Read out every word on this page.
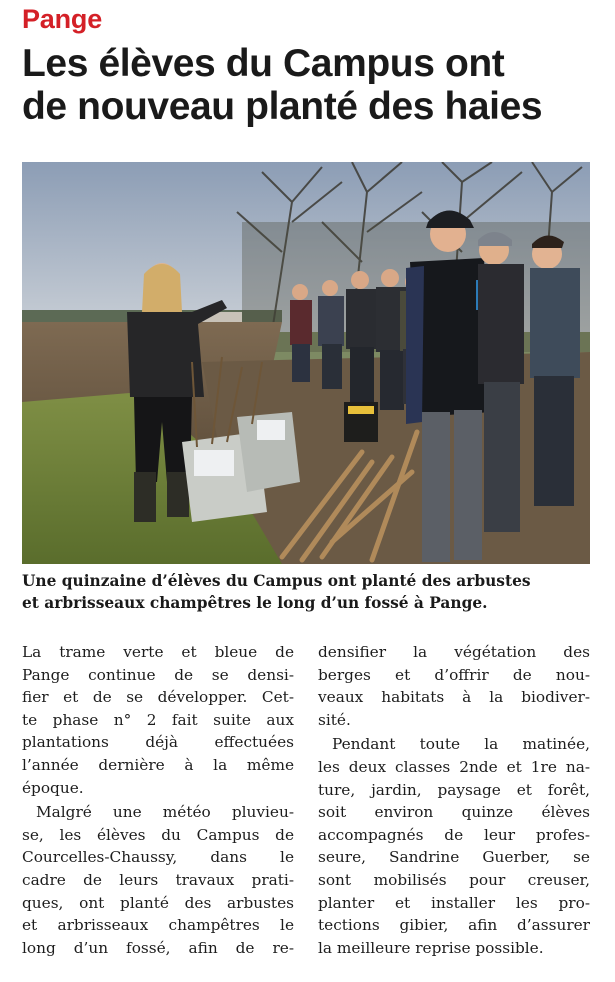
Pange
Les élèves du Campus ont
de nouveau planté des haies
Une quinzaine d’élèves du Campus ont planté des arbustes
et arbrisseaux champêtres le long d’un fossé à Pange.
La trame verte et bleue de
Pange continue de se densi-
fier et de se développer. Cet-
te phase n° 2 fait suite aux
plantations déjà effectuées
l’année dernière à la même
époque.
Malgré une météo pluvieu-
se, les élèves du Campus de
Courcelles-Chaussy, dans le
cadre de leurs travaux prati-
ques, ont planté des arbustes
et arbrisseaux champêtres le
long d’un fossé, afin de re-
densifier la végétation des
berges et d’offrir de nou-
veaux habitats à la biodiver-
sité.
Pendant toute la matinée,
les deux classes 2nde et 1re na-
ture, jardin, paysage et forêt,
soit environ quinze élèves
accompagnés de leur profes-
seure, Sandrine Guerber, se
sont mobilisés pour creuser,
planter et installer les pro-
tections gibier, afin d’assurer
la meilleure reprise possible.
